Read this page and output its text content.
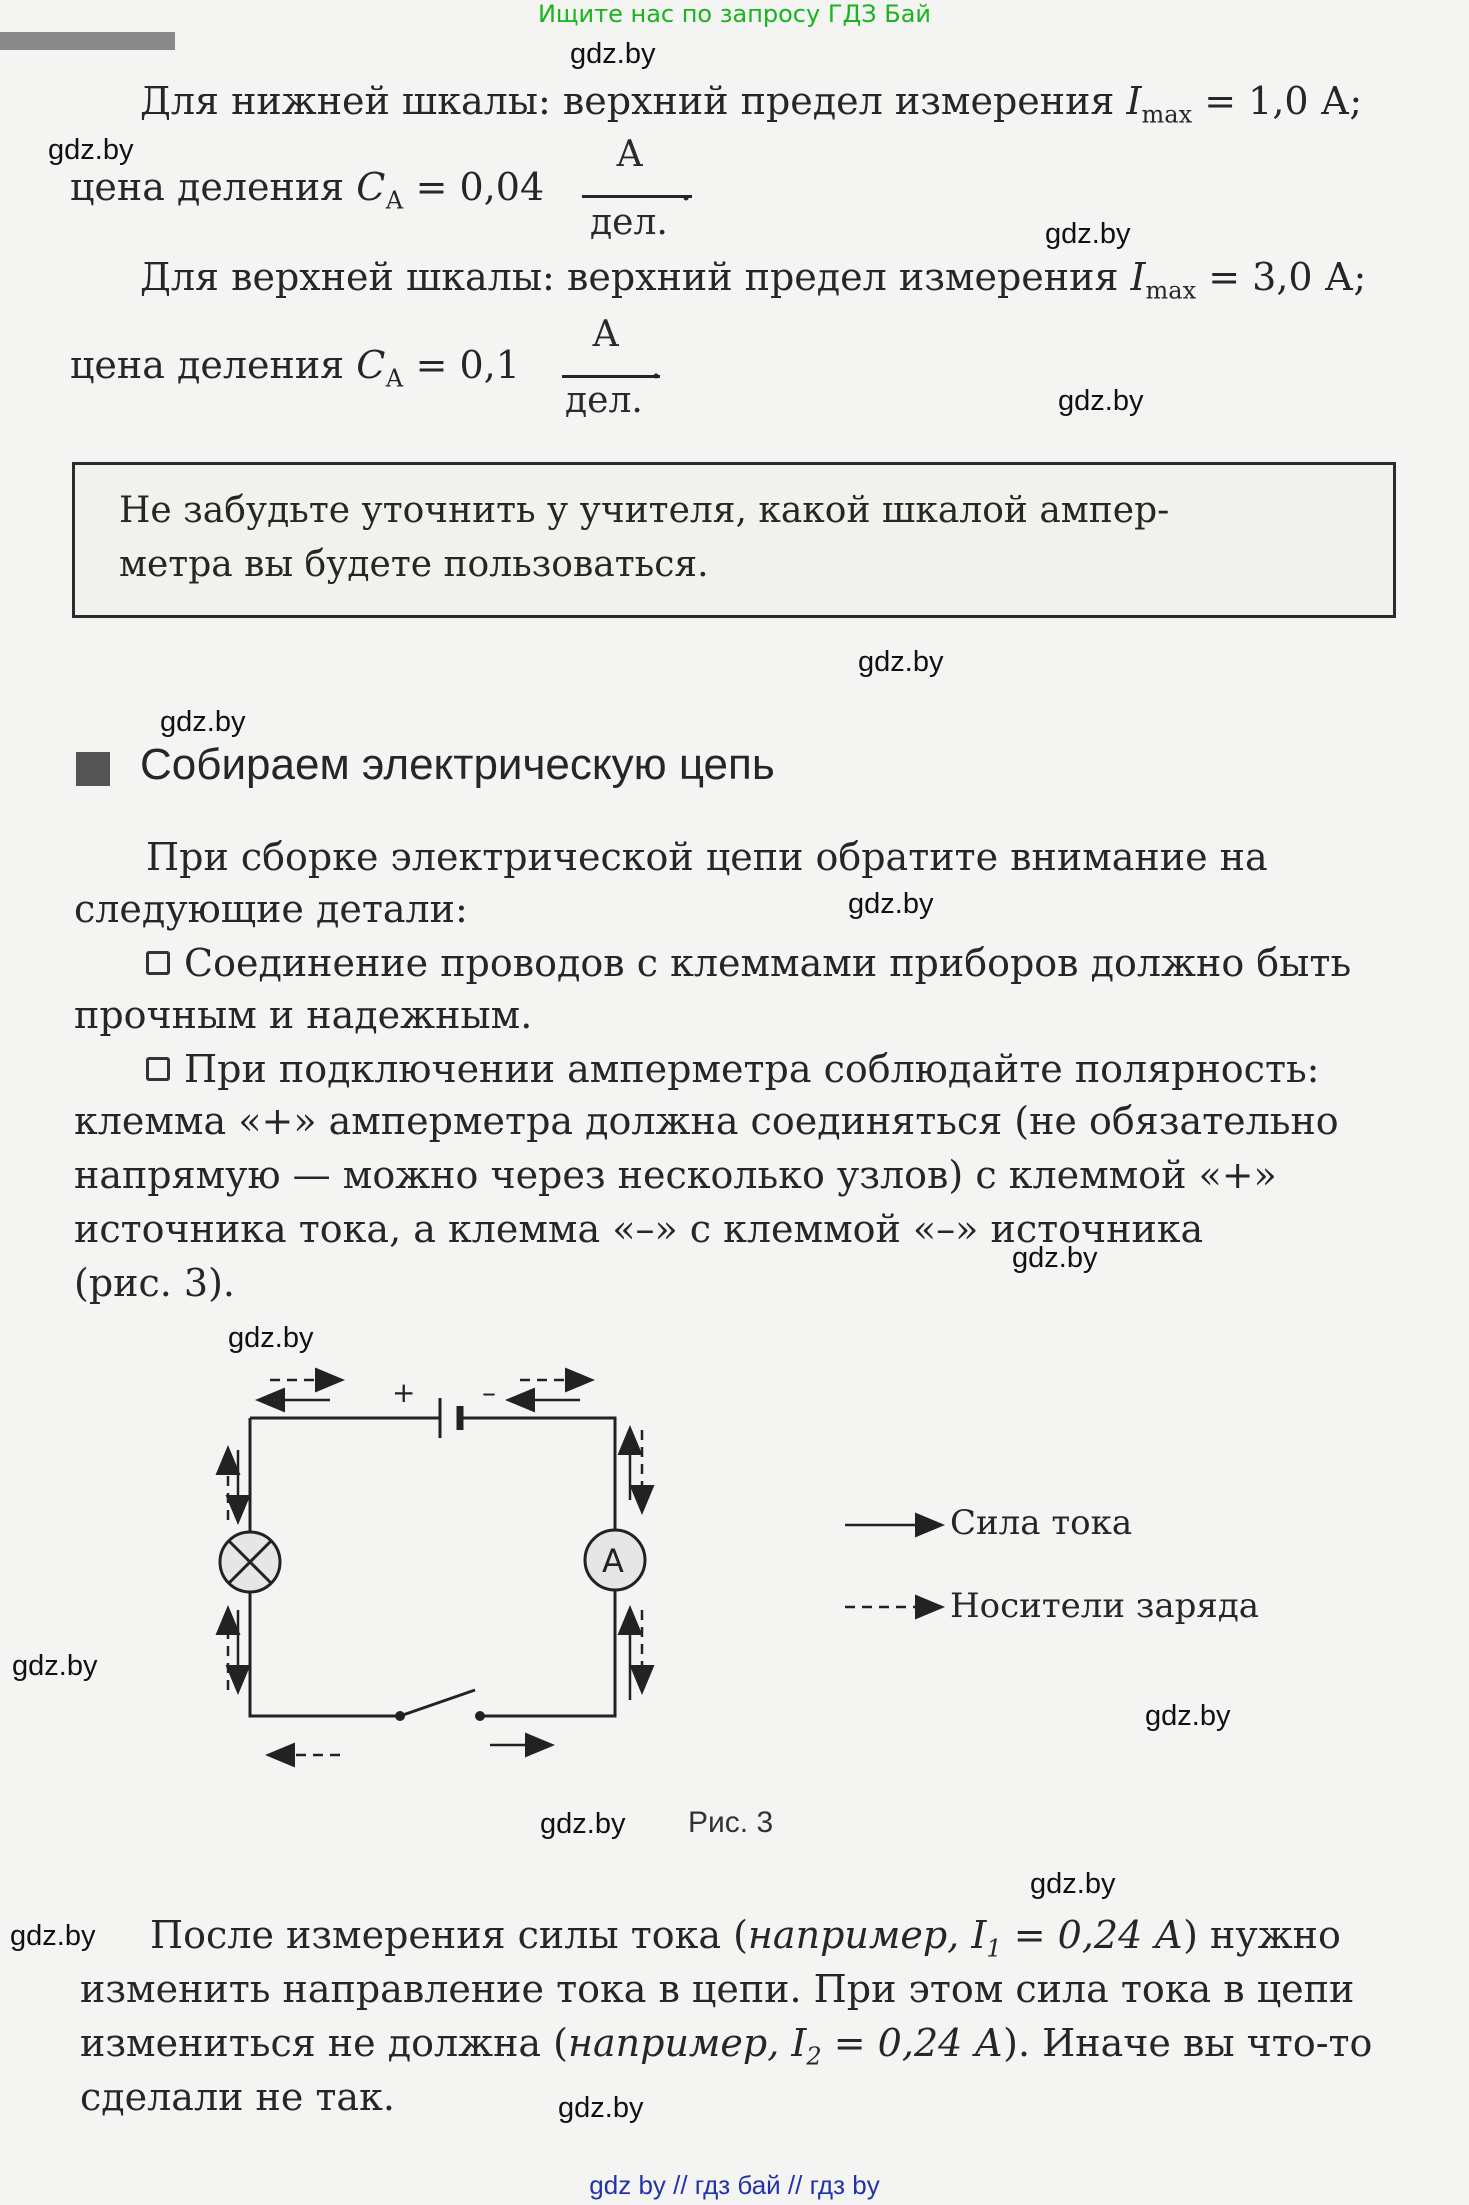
Ищите нас по запросу ГДЗ Бай
gdz.by
gdz.by
gdz.by
gdz.by
gdz.by
gdz.by
gdz.by
gdz.by
gdz.by
gdz.by
gdz.by
gdz.by
gdz.by
gdz.by
gdz.by
Для нижней шкалы: верхний предел измерения $I_{max} = 1,0$ А;
цена деления $C_А = 0,04$
А
дел.
.
Для верхней шкалы: верхний предел измерения $I_{max} = 3,0$ А;
цена деления $C_А = 0,1$
А
дел.
.
Не забудьте уточнить у учителя, какой шкалой ампер-
метра вы будете пользоваться.
Собираем электрическую цепь
При сборке электрической цепи обратите внимание на
следующие детали:
Соединение проводов с клеммами приборов должно быть
прочным и надежным.
При подключении амперметра соблюдайте полярность:
клемма «+» амперметра должна соединяться (не обязательно
напрямую — можно через несколько узлов) с клеммой «+»
источника тока, а клемма «–» с клеммой «–» источника
(рис. 3).
+ –
A
Сила тока
Носители заряда
Рис. 3
После измерения силы тока (например, $I_1 = 0,24$ А) нужно
изменить направление тока в цепи. При этом сила тока в цепи
измениться не должна (например, $I_2 = 0,24$ А). Иначе вы что-то
сделали не так.
gdz by // гдз бай // гдз by
